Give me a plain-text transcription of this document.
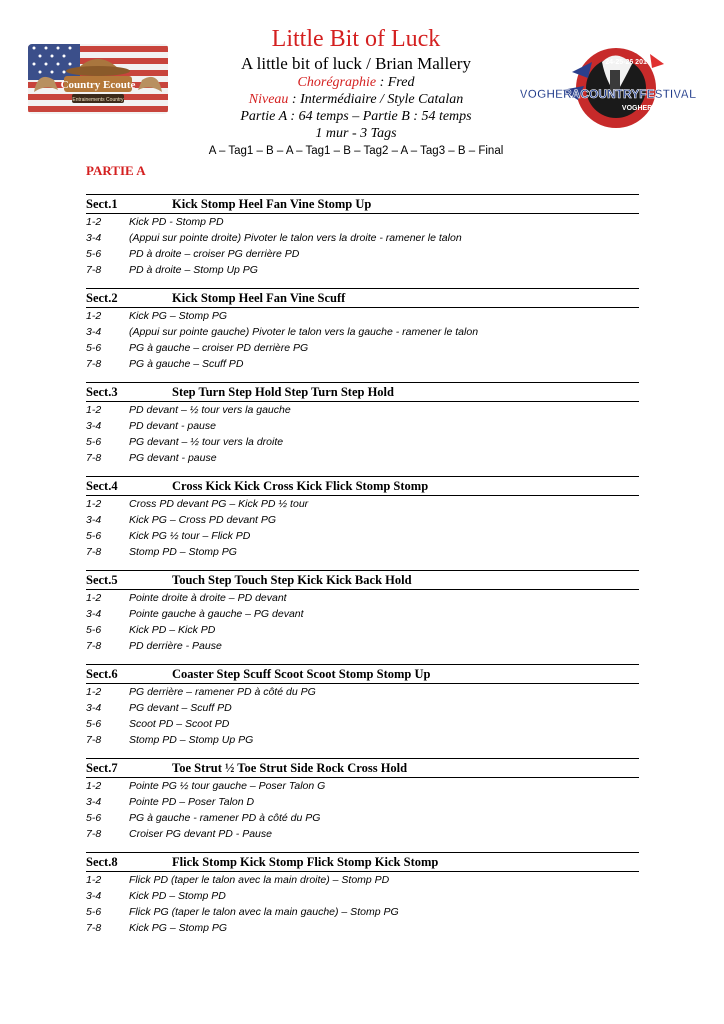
Country Ecoute
Entrainements Country
24-25-26 2014
VOGHERACOUNTRYFESTIVAL
VOGHERA ITALY
Little Bit of Luck
A little bit of luck / Brian Mallery
Chorégraphie : Fred
Niveau : Intermédiaire / Style Catalan
Partie A : 64 temps – Partie B : 54 temps
1 mur - 3 Tags
A – Tag1 – B – A – Tag1 – B – Tag2 – A – Tag3 – B – Final
PARTIE A
Sect.1	Kick Stomp Heel Fan Vine Stomp Up
1-2	Kick PD - Stomp PD
3-4	(Appui sur pointe droite) Pivoter le talon vers la droite - ramener le talon
5-6	PD à droite – croiser PG derrière PD
7-8	PD à droite – Stomp Up PG
Sect.2	Kick Stomp Heel Fan Vine Scuff
1-2	Kick PG – Stomp PG
3-4	(Appui sur pointe gauche) Pivoter le talon vers la gauche - ramener le talon
5-6	PG à gauche – croiser PD derrière PG
7-8	PG à gauche – Scuff PD
Sect.3	Step Turn Step Hold Step Turn Step Hold
1-2	PD devant – ½ tour vers la gauche
3-4	PD devant - pause
5-6	PG devant – ½ tour vers la droite
7-8	PG devant - pause
Sect.4	Cross Kick Kick Cross Kick Flick Stomp Stomp
1-2	Cross PD devant PG – Kick PD ½ tour
3-4	Kick PG – Cross PD devant PG
5-6	Kick PG ½ tour – Flick PD
7-8	Stomp PD – Stomp PG
Sect.5	Touch Step Touch Step Kick Kick Back Hold
1-2	Pointe droite à droite – PD devant
3-4	Pointe gauche à gauche – PG devant
5-6	Kick PD – Kick PD
7-8	PD derrière - Pause
Sect.6	Coaster Step Scuff Scoot Scoot Stomp Stomp Up
1-2	PG derrière – ramener PD à côté du PG
3-4	PG devant – Scuff PD
5-6	Scoot PD – Scoot PD
7-8	Stomp PD – Stomp Up PG
Sect.7	Toe Strut ½ Toe Strut Side Rock Cross Hold
1-2	Pointe PG ½ tour gauche – Poser Talon G
3-4	Pointe PD – Poser Talon D
5-6	PG à gauche - ramener PD à côté du PG
7-8	Croiser PG devant PD - Pause
Sect.8	Flick Stomp Kick Stomp Flick Stomp Kick Stomp
1-2	Flick PD (taper le talon avec la main droite) – Stomp PD
3-4	Kick PD – Stomp PD
5-6	Flick PG (taper le talon avec la main gauche) – Stomp PG
7-8	Kick PG – Stomp PG
